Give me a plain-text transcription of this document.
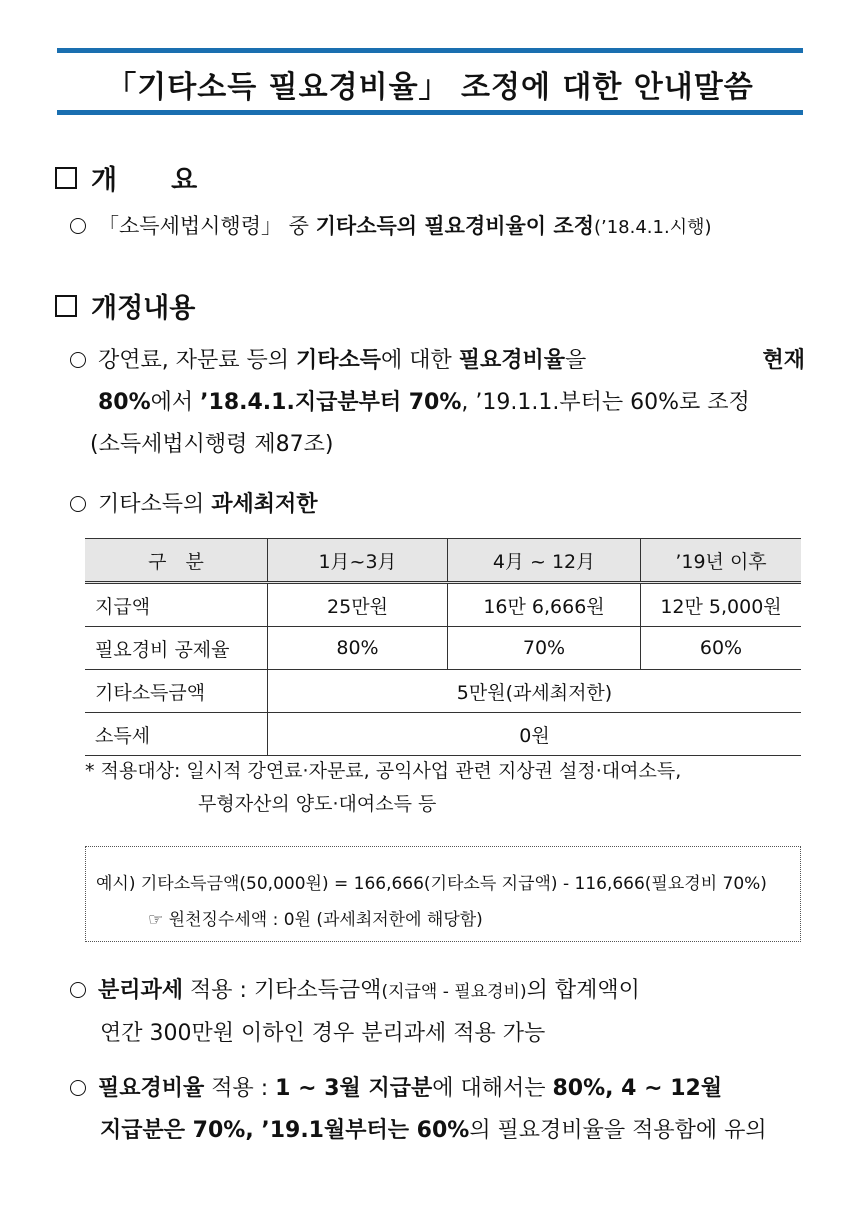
「기타소득 필요경비율」 조정에 대한 안내말씀
개　　요
「소득세법시행령」 중 기타소득의 필요경비율이 조정(’18.4.1.시행)
개정내용
강연료, 자문료 등의 기타소득에 대한 필요경비율을	현재
80%에서 ’18.4.1.지급분부터 70%, ’19.1.1.부터는 60%로 조정
(소득세법시행령 제87조)
기타소득의 과세최저한
구　분	1月~3月	4月 ~ 12月	’19년 이후
지급액	25만원	16만 6,666원	12만 5,000원
필요경비 공제율	80%	70%	60%
기타소득금액	5만원(과세최저한)		
소득세	0원		
* 적용대상: 일시적 강연료·자문료, 공익사업 관련 지상권 설정·대여소득,
무형자산의 양도·대여소득 등
예시) 기타소득금액(50,000원) = 166,666(기타소득 지급액) - 116,666(필요경비 70%)
☞ 원천징수세액 : 0원 (과세최저한에 해당함)
분리과세 적용 : 기타소득금액(지급액 - 필요경비)의 합계액이
연간 300만원 이하인 경우 분리과세 적용 가능
필요경비율 적용 : 1 ~ 3월 지급분에 대해서는 80%, 4 ~ 12월
지급분은 70%, ’19.1월부터는 60%의 필요경비율을 적용함에 유의
